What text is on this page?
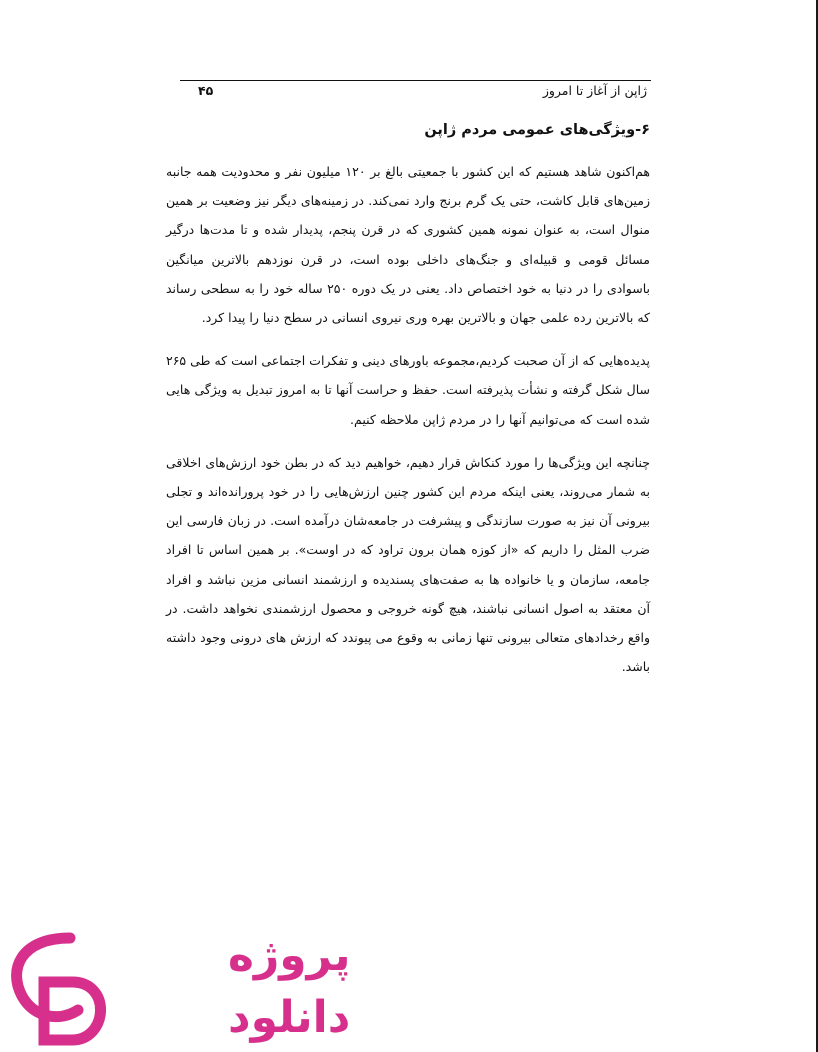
ژاپن از آغاز تا امروز
۴۵
۶-ویژگی‌های عمومی مردم ژاپن

هم‌اکنون شاهد هستیم که این کشور با جمعیتی بالغ بر ۱۲۰ میلیون نفر و محدودیت همه جانبه زمین‌های قابل کاشت، حتی یک گرم برنج وارد نمی‌کند. در زمینه‌های دیگر نیز وضعیت بر همین منوال است، به عنوان نمونه همین کشوری که در قرن پنجم، پدیدار شده و تا مدت‌ها درگیر مسائل قومی و قبیله‌ای و جنگ‌های داخلی بوده است، در قرن نوزدهم بالاترین میانگین باسوادی را در دنیا به خود اختصاص داد. یعنی در یک دوره ۲۵۰ ساله خود را به سطحی رساند که بالاترین رده علمی جهان و بالاترین بهره وری نیروی انسانی در سطح دنیا را پیدا کرد.

پدیده‌هایی که از آن صحبت کردیم،مجموعه باورهای دینی و تفکرات اجتماعی است که طی ۲۶۵ سال شکل گرفته و نشأت پذیرفته است. حفظ و حراست آنها تا به امروز تبدیل به ویژگی هایی شده است که می‌توانیم آنها را در مردم ژاپن ملاحظه کنیم.

چنانچه این ویژگی‌ها را مورد کنکاش قرار دهیم، خواهیم دید که در بطن خود ارزش‌های اخلاقی به شمار می‌روند، یعنی اینکه مردم این کشور چنین ارزش‌هایی را در خود پرورانده‌اند و تجلی بیرونی آن نیز به صورت سازندگی و پیشرفت در جامعه‌شان درآمده است. در زبان فارسی این ضرب المثل را داریم که «از کوزه همان برون تراود که در اوست». بر همین اساس تا افراد جامعه، سازمان و یا خانواده ها به صفت‌های پسندیده و ارزشمند انسانی مزین نباشد و افراد آن معتقد به اصول انسانی نباشند، هیچ گونه خروجی و محصول ارزشمندی نخواهد داشت. در واقع رخدادهای متعالی بیرونی تنها زمانی به وقوع می پیوندد که ارزش های درونی وجود داشته باشد.

پروژه
دانلود
